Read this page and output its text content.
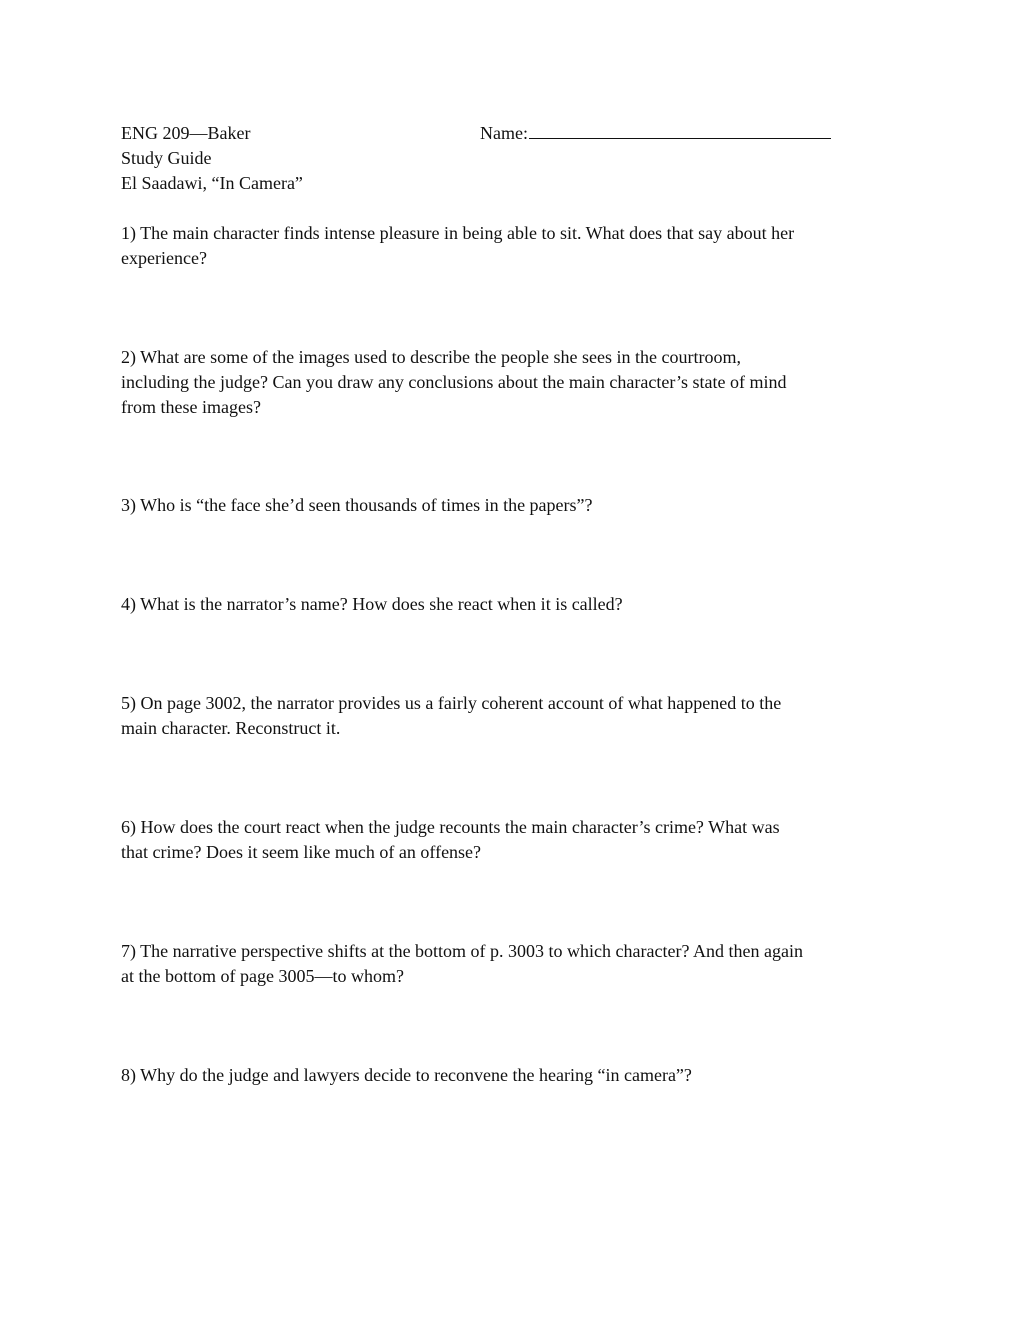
ENG 209—Baker
Study Guide
El Saadawi, “In Camera”
Name:

1) The main character finds intense pleasure in being able to sit. What does that say about her

experience?

2) What are some of the images used to describe the people she sees in the courtroom,

including the judge? Can you draw any conclusions about the main character’s state of mind

from these images?

3) Who is “the face she’d seen thousands of times in the papers”?

4) What is the narrator’s name? How does she react when it is called?

5) On page 3002, the narrator provides us a fairly coherent account of what happened to the

main character. Reconstruct it.

6) How does the court react when the judge recounts the main character’s crime? What was

that crime? Does it seem like much of an offense?

7) The narrative perspective shifts at the bottom of p. 3003 to which character? And then again

at the bottom of page 3005—to whom?

8) Why do the judge and lawyers decide to reconvene the hearing “in camera”?
